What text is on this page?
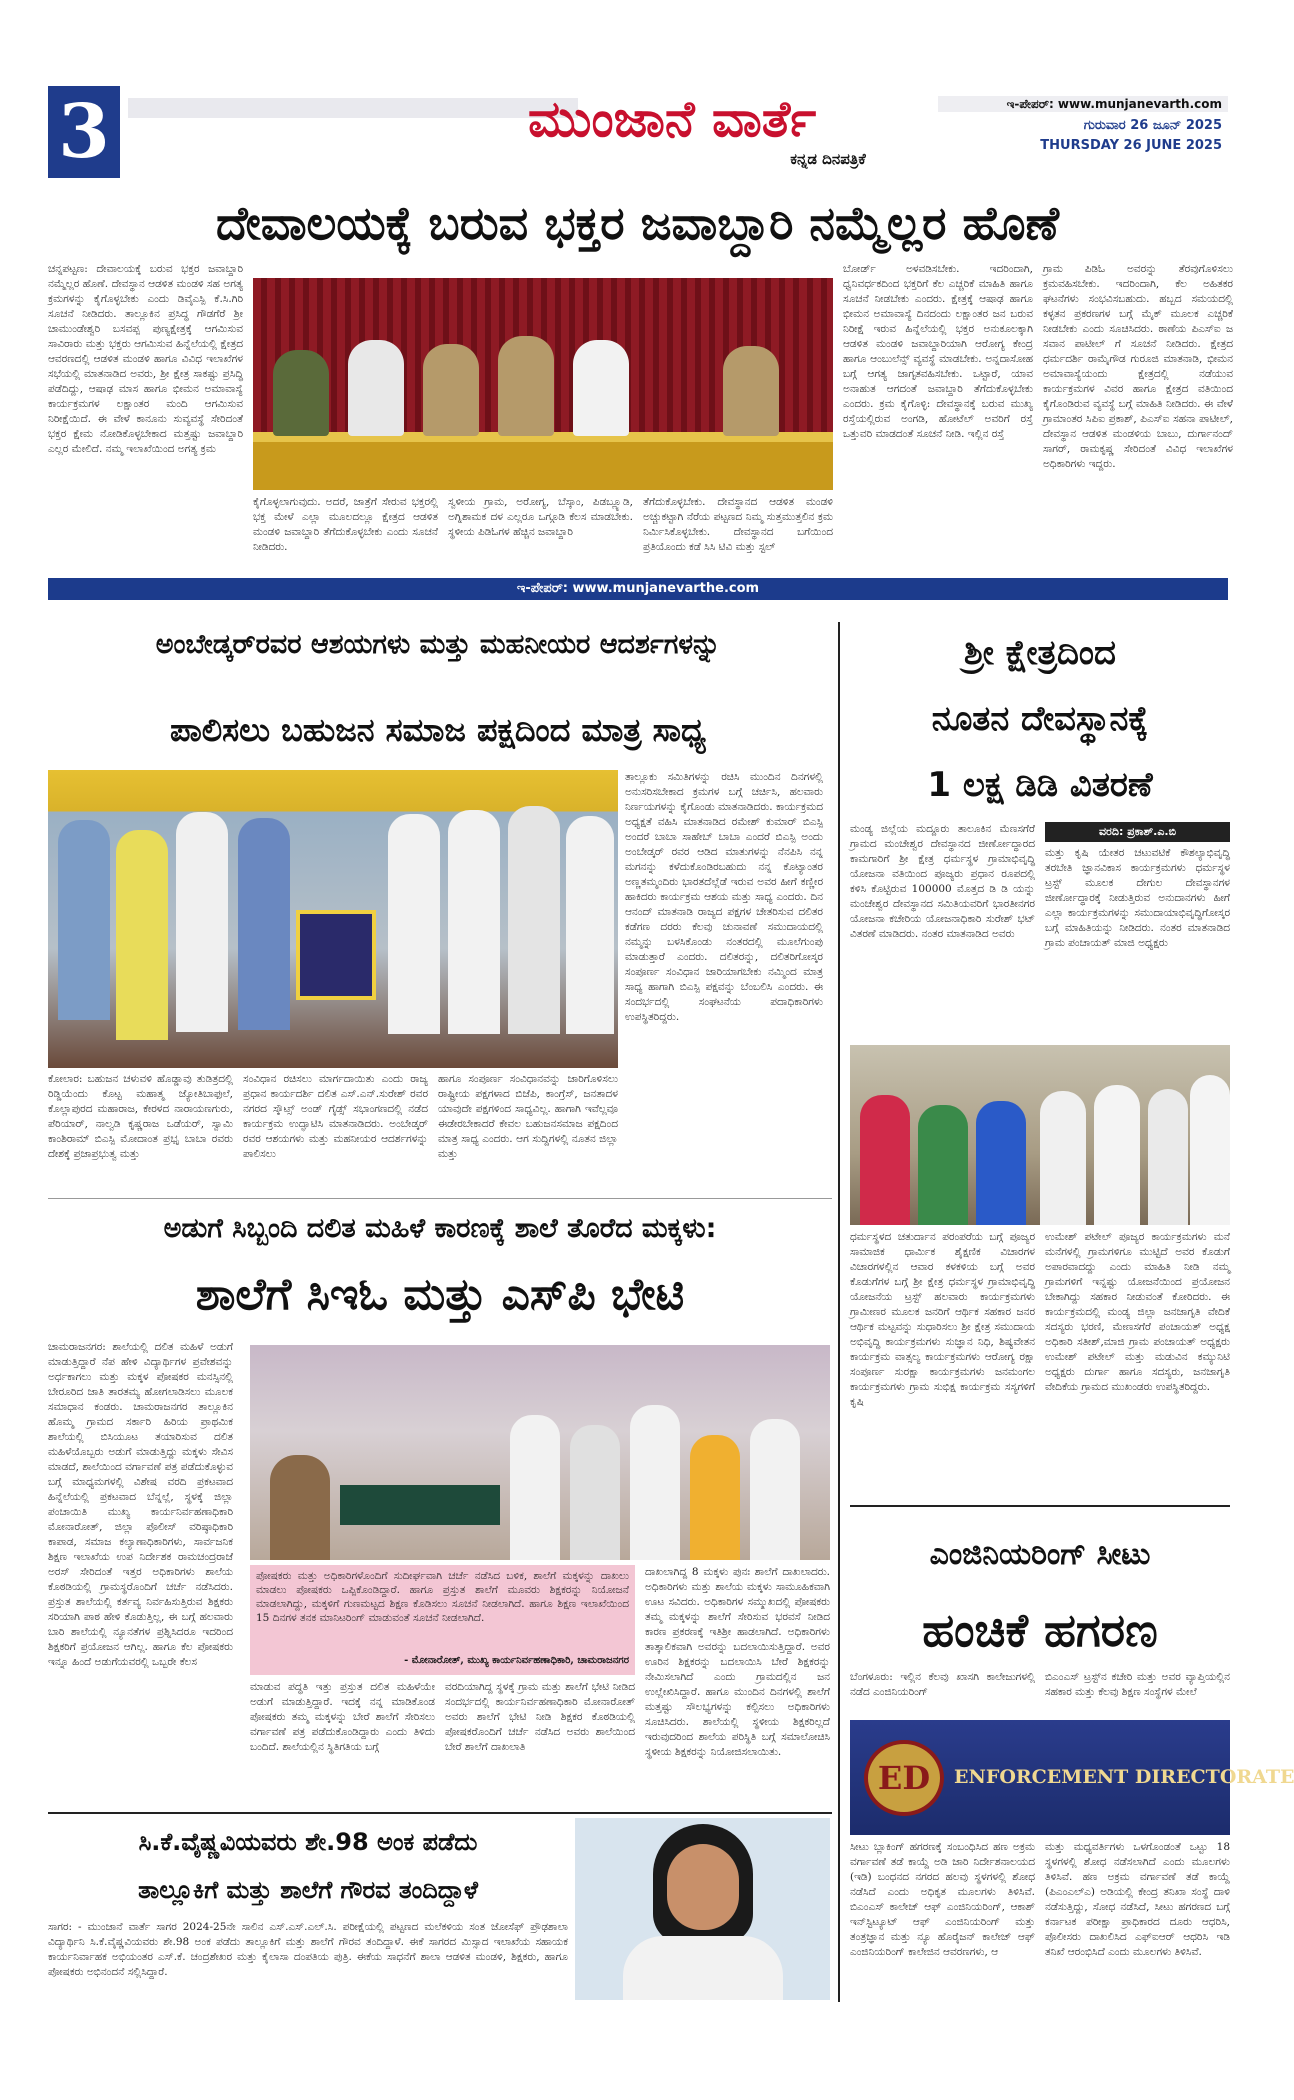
3	ಮುಂಜಾನೆ ವಾರ್ತೆ
ಕನ್ನಡ ದಿನಪತ್ರಿಕೆ
ಇ-ಪೇಪರ್: www.munjanevarth.com
ಗುರುವಾರ 26 ಜೂನ್ 2025
THURSDAY 26 JUNE 2025
ದೇವಾಲಯಕ್ಕೆ ಬರುವ ಭಕ್ತರ ಜವಾಬ್ದಾರಿ ನಮ್ಮೆಲ್ಲರ ಹೊಣೆ
ಚನ್ನಪಟ್ಟಣ: ದೇವಾಲಯಕ್ಕೆ ಬರುವ ಭಕ್ತರ ಜವಾಬ್ದಾರಿ ನಮ್ಮೆಲ್ಲರ ಹೊಣೆ. ದೇವಸ್ಥಾನ ಆಡಳಿತ ಮಂಡಳಿ ಸಹ ಅಗತ್ಯ ಕ್ರಮಗಳನ್ನು ಕೈಗೊಳ್ಳಬೇಕು ಎಂದು ಡಿವೈಎಸ್ಪಿ ಕೆ.ಸಿ.ಗಿರಿ ಸೂಚನೆ ನೀಡಿದರು. ತಾಲ್ಲೂಕಿನ ಪ್ರಸಿದ್ಧ ಗೌಡಗೆರೆ ಶ್ರೀ ಚಾಮುಂಡೇಶ್ವರಿ ಬಸವಪ್ಪ ಪುಣ್ಯಕ್ಷೇತ್ರಕ್ಕೆ ಆಗಮಿಸುವ ಸಾವಿರಾರು ಮತ್ತು ಭಕ್ತರು ಆಗಮಿಸುವ ಹಿನ್ನೆಲೆಯಲ್ಲಿ ಕ್ಷೇತ್ರದ ಆವರಣದಲ್ಲಿ ಆಡಳಿತ ಮಂಡಳಿ ಹಾಗೂ ವಿವಿಧ ಇಲಾಖೆಗಳ ಸಭೆಯಲ್ಲಿ ಮಾತನಾಡಿದ ಅವರು, ಶ್ರೀ ಕ್ಷೇತ್ರ ಸಾಕಷ್ಟು ಪ್ರಸಿದ್ಧಿ ಪಡೆದಿದ್ದು, ಆಷಾಢ ಮಾಸ ಹಾಗೂ ಭೀಮನ ಅಮಾವಾಸ್ಯೆ ಕಾರ್ಯಕ್ರಮಗಳ ಲಕ್ಷಾಂತರ ಮಂದಿ ಆಗಮಿಸುವ ನಿರೀಕ್ಷೆಯಿದೆ. ಈ ವೇಳೆ ಕಾನೂನು ಸುವ್ಯವಸ್ಥೆ ಸೇರಿದಂತೆ ಭಕ್ತರ ಕ್ಷೇಮ ನೋಡಿಕೊಳ್ಳಬೇಕಾದ ಮತ್ತಷ್ಟು ಜವಾಬ್ದಾರಿ ಎಲ್ಲರ ಮೇಲಿದೆ. ನಮ್ಮ ಇಲಾಖೆಯಿಂದ ಅಗತ್ಯ ಕ್ರಮ
ಕೈಗೊಳ್ಳಲಾಗುವುದು. ಅದರೆ, ಜಾತ್ರೆಗೆ ಸೇರುವ ಭಕ್ತರಲ್ಲಿ ಭಕ್ತ ಮೇಳೆ ಎಲ್ಲಾ ಮೂಲದಲ್ಲೂ ಕ್ಷೇತ್ರದ ಆಡಳಿತ ಮಂಡಳಿ ಜವಾಬ್ದಾರಿ ತೆಗೆದುಕೊಳ್ಳಬೇಕು ಎಂದು ಸೂಚನೆ ನೀಡಿದರು.
ಸ್ವಳೀಯ ಗ್ರಾಮ, ಅರೋಗ್ಯ, ಬೆಸ್ಕಾಂ, ಪಿಡಬ್ಲ್ಯೂಡಿ, ಅಗ್ನಿಶಾಮಕ ದಳ ಎಲ್ಲರೂ ಒಗ್ಗೂಡಿ ಕೆಲಸ ಮಾಡಬೇಕು. ಸ್ಥಳೀಯ ಪಿಡಿಓಗಳ ಹೆಚ್ಚಿನ ಜವಾಬ್ದಾರಿ
ತೆಗೆದುಕೊಳ್ಳಬೇಕು. ದೇವಸ್ಥಾನದ ಆಡಳಿತ ಮಂಡಳಿ ಅಚ್ಚುಕಟ್ಟಾಗಿ ನೆರೆಯ ಪಟ್ಟಣದ ನಿಮ್ಮ ಸುತ್ತಮುತ್ತಲಿನ ಕ್ರಮ ನಿರ್ಮಿಸಿಕೊಳ್ಳಬೇಕು. ದೇವಸ್ಥಾನದ ಬಗೆಯಿಂದ ಪ್ರತಿಯೊಂದು ಕಡೆ ಸಿಸಿ ಟಿವಿ ಮತ್ತು ಸ್ಟಲ್
ಬೋರ್ಡ್ ಅಳವಡಿಸಬೇಕು. ಇದರಿಂದಾಗಿ, ಧ್ವನಿವರ್ಧಕದಿಂದ ಭಕ್ತರಿಗೆ ಕೆಲ ಎಚ್ಚರಿಕೆ ಮಾಹಿತಿ ಹಾಗೂ ಸೂಚನೆ ನೀಡಬೇಕು ಎಂದರು. ಕ್ಷೇತ್ರಕ್ಕೆ ಆಷಾಢ ಹಾಗೂ ಭೀಮನ ಅಮಾವಾಸ್ಯೆ ದಿನದಂದು ಲಕ್ಷಾಂತರ ಜನ ಬರುವ ನಿರೀಕ್ಷೆ ಇರುವ ಹಿನ್ನೆಲೆಯಲ್ಲಿ ಭಕ್ತರ ಅನುಕೂಲಕ್ಕಾಗಿ ಆಡಳಿತ ಮಂಡಳಿ ಜವಾಬ್ದಾರಿಯಾಗಿ ಆರೋಗ್ಯ ಕೇಂದ್ರ ಹಾಗೂ ಆಂಬುಲೆನ್ಸ್ ವ್ಯವಸ್ಥೆ ಮಾಡಬೇಕು. ಅನ್ನದಾಸೋಹ ಬಗ್ಗೆ ಆಗತ್ಯ ಜಾಗೃತವಹಿಸಬೇಕು. ಒಟ್ಟಾರೆ, ಯಾವ ಅನಾಹುತ ಆಗದಂತೆ ಜವಾಬ್ದಾರಿ ತೆಗೆದುಕೊಳ್ಳಬೇಕು ಎಂದರು. ಕ್ರಮ ಕೈಗೊಳ್ಳಿ: ದೇವಸ್ಥಾನಕ್ಕೆ ಬರುವ ಮುಖ್ಯ ರಸ್ತೆಯಲ್ಲಿರುವ ಅಂಗಡಿ, ಹೋಟೆಲ್ ಅವರಿಗೆ ರಸ್ತೆ ಒತ್ತುವರಿ ಮಾಡದಂತೆ ಸೂಚನೆ ನೀಡಿ. ಇಲ್ಲಿನ ರಸ್ತೆ
ಗ್ರಾಮ ಪಿಡಿಓ ಅವರನ್ನು ತೆರವುಗೊಳಿಸಲು ಕ್ರಮವಹಿಸಬೇಕು. ಇದರಿಂದಾಗಿ, ಕೆಲ ಅಹಿತಕರ ಘಟನೆಗಳು ಸಂಭವಿಸಬಹುದು. ಹಬ್ಬದ ಸಮಯದಲ್ಲಿ ಕಳ್ಳತನ ಪ್ರಕರಣಗಳ ಬಗ್ಗೆ ಮೈಕ್ ಮೂಲಕ ಎಚ್ಚರಿಕೆ ನೀಡಬೇಕು ಎಂದು ಸೂಚಿಸಿದರು. ಠಾಣೆಯ ಪಿಎಸ್ಐ ಜ ಸವಾನ ಪಾಟೀಲ್ ಗೆ ಸೂಚನೆ ನೀಡಿದರು. ಕ್ಷೇತ್ರದ ಧರ್ಮದರ್ಶಿ ರಾಮೈಗೌಡ ಗುರೂಜಿ ಮಾತನಾಡಿ, ಭೀಮನ ಅಮಾವಾಸ್ಯೆಯಂದು ಕ್ಷೇತ್ರದಲ್ಲಿ ನಡೆಯುವ ಕಾರ್ಯಕ್ರಮಗಳ ವಿವರ ಹಾಗೂ ಕ್ಷೇತ್ರದ ವತಿಯಿಂದ ಕೈಗೊಂಡಿರುವ ವ್ಯವಸ್ಥೆ ಬಗ್ಗೆ ಮಾಹಿತಿ ನೀಡಿದರು. ಈ ವೇಳೆ ಗ್ರಾಮಾಂತರ ಸಿಪಿಐ ಪ್ರಕಾಶ್, ಪಿಎಸ್ಐ ಸಹನಾ ಪಾಟೀಲ್, ದೇವಸ್ಥಾನ ಆಡಳಿತ ಮಂಡಳಿಯ ಬಾಬು, ದುರ್ಗಾನಂದ್ ಸಾಗರ್, ರಾಮಕೃಷ್ಣ ಸೇರಿದಂತೆ ವಿವಿಧ ಇಲಾಖೆಗಳ ಅಧಿಕಾರಿಗಳು ಇದ್ದರು.
ಇ-ಪೇಪರ್: www.munjanevarthe.com
ಅಂಬೇಡ್ಕರ್‌ರವರ ಆಶಯಗಳು ಮತ್ತು ಮಹನೀಯರ ಆದರ್ಶಗಳನ್ನು
ಪಾಲಿಸಲು ಬಹುಜನ ಸಮಾಜ ಪಕ್ಷದಿಂದ ಮಾತ್ರ ಸಾಧ್ಯ
ತಾಲ್ಲೂಕು ಸಮಿತಿಗಳನ್ನು ರಚಿಸಿ ಮುಂದಿನ ದಿನಗಳಲ್ಲಿ ಅನುಸರಿಸಬೇಕಾದ ಕ್ರಮಗಳ ಬಗ್ಗೆ ಚರ್ಚಿಸಿ, ಹಲವಾರು ನಿರ್ಣಯಗಳನ್ನು ಕೈಗೊಂಡು ಮಾತನಾಡಿದರು. ಕಾರ್ಯಕ್ರಮದ ಅಧ್ಯಕ್ಷತೆ ವಹಿಸಿ ಮಾತನಾಡಿದ ರಮೇಶ್ ಕುಮಾರ್ ಬಿಎಸ್ಪಿ ಅಂದರೆ ಬಾಬಾ ಸಾಹೇಬ್ ಬಾಬಾ ಎಂದರೆ ಬಿಎಸ್ಪಿ ಅಂದು ಅಂಬೇಡ್ಕರ್ ರವರ ಆಡಿದ ಮಾತುಗಳನ್ನು ನೆನಪಿಸಿ ನನ್ನ ಮಗನನ್ನು ಕಳೆದುಕೊಂಡಿರಬಹುದು ನನ್ನ ಕೊಟ್ಯಾಂತರ ಅಣ್ಣತಮ್ಮಂದಿರು ಭಾರತದೆಲ್ಲೆಡೆ ಇರುವ ಅವರ ಹೀಗೆ ಕಣ್ಣೀರ ಹಾಕಿದರು ಕಾರ್ಯಕ್ರಮ ಆಶಯ ಮತ್ತು ಸಾಧ್ಯ ಎಂದರು. ದಿನ ಆನಂದ್ ಮಾತನಾಡಿ ರಾಜ್ಯದ ಪಕ್ಷಗಳ ಚೇತರಿಸುವ ದಲಿತರ ಕಡೆಗಣ ದರರು ಕೆಲವು ಚುನಾವಣೆ ಸಮುದಾಯದಲ್ಲಿ ನಮ್ಮನ್ನು ಬಳಸಿಕೊಂಡು ನಂತರದಲ್ಲಿ ಮೂಲೆಗುಂಪು ಮಾಡುತ್ತಾರೆ ಎಂದರು. ದಲಿತರನ್ನು, ದಲಿತರಿಗೋಸ್ಕರ ಸಂಪೂರ್ಣ ಸಂವಿಧಾನ ಜಾರಿಯಾಗಬೇಕು ನಮ್ಮಿಂದ ಮಾತ್ರ ಸಾಧ್ಯ ಹಾಗಾಗಿ ಬಿಎಸ್ಪಿ ಪಕ್ಷವನ್ನು ಬೆಂಬಲಿಸಿ ಎಂದರು. ಈ ಸಂದರ್ಭದಲ್ಲಿ ಸಂಘಟನೆಯ ಪದಾಧಿಕಾರಿಗಳು ಉಪಸ್ಥಿತರಿದ್ದರು.
ಕೋಲಾರ: ಬಹುಜನ ಚಳುವಳಿ ಹೊಡ್ಡಾವು ತುಡಿತ್ರದಲ್ಲಿ ರಿಡ್ಡಿಯೆಂದು ಕೊಟ್ಟ ಮಹಾತ್ಮ ಜ್ಯೋತಿಬಾಫುಲೆ, ಕೊಲ್ಲಾಪುರದ ಮಹಾರಾಜ, ಕೇರಳದ ನಾರಾಯಣಗುರು, ಪೆರಿಯಾರ್, ನಾಲ್ವಡಿ ಕೃಷ್ಣರಾಜ ಒಡೆಯರ್, ಸ್ವಾಮಿ ಕಾಂಶಿರಾಮ್ ಬಿಎಸ್ಪಿ ಮೋದಾಂತ ಪ್ರಭೃ ಬಾಬಾ ರವರು ದೇಶಕ್ಕೆ ಪ್ರಜಾಪ್ರಭುತ್ವ ಮತ್ತು
ಸಂವಿಧಾನ ರಚಿಸಲು ಮಾರ್ಗದಾಯಿತು ಎಂದು ರಾಜ್ಯ ಪ್ರಧಾನ ಕಾರ್ಯದರ್ಶಿ ದಲಿತ ಎಸ್.ಎನ್.ಸುರೇಶ್ ರವರ ನಗರದ ಸ್ಕೌಟ್ಸ್ ಅಂಡ್ ಗೈಡ್ಸ್ ಸಭಾಂಗಣದಲ್ಲಿ ನಡೆದ ಕಾರ್ಯಕ್ರಮ ಉದ್ಘಾಟಿಸಿ ಮಾತನಾಡಿದರು. ಅಂಬೇಡ್ಕರ್ ರವರ ಆಶಯಗಳು ಮತ್ತು ಮಹನೀಯರ ಆದರ್ಶಗಳನ್ನು ಪಾಲಿಸಲು
ಹಾಗೂ ಸಂಪೂರ್ಣ ಸಂವಿಧಾನವನ್ನು ಜಾರಿಗೊಳಿಸಲು ರಾಷ್ಟ್ರೀಯ ಪಕ್ಷಗಳಾದ ಬಿಜೆಪಿ, ಕಾಂಗ್ರೆಸ್, ಜನತಾದಳ ಯಾವುದೇ ಪಕ್ಷಗಳಿಂದ ಸಾಧ್ಯವಿಲ್ಲ. ಹಾಗಾಗಿ ಇವೆಲ್ಲವೂ ಈಡೇರಬೇಕಾದರೆ ಕೇವಲ ಬಹುಜನಸಮಾಜ ಪಕ್ಷದಿಂದ ಮಾತ್ರ ಸಾಧ್ಯ ಎಂದರು. ಆಗ ಸುದ್ದಿಗಳಲ್ಲಿ ನೂತನ ಜಿಲ್ಲಾ ಮತ್ತು
ಶ್ರೀ ಕ್ಷೇತ್ರದಿಂದ
ನೂತನ ದೇವಸ್ಥಾನಕ್ಕೆ
1 ಲಕ್ಷ ಡಿಡಿ ವಿತರಣೆ
ಮಂಡ್ಯ ಜಿಲ್ಲೆಯ ಮದ್ದೂರು ತಾಲೂಕಿನ ಮೆಣಸಗೆರೆ ಗ್ರಾಮದ ಮಂಚೇಶ್ವರ ದೇವಸ್ಥಾನದ ಜೀರ್ಣೋದ್ಧಾರದ ಕಾಮಗಾರಿಗೆ ಶ್ರೀ ಕ್ಷೇತ್ರ ಧರ್ಮಸ್ಥಳ ಗ್ರಾಮಾಭಿವೃದ್ಧಿ ಯೋಜನಾ ವತಿಯಿಂದ ಪೂಜ್ಯರು ಪ್ರಧಾನ ರೂಪದಲ್ಲಿ ಕಳಿಸಿ ಕೊಟ್ಟಿರುವ 100000 ಮೊತ್ತದ ಡಿ ಡಿ ಯನ್ನು ಮಂಚೇಶ್ವರ ದೇವಸ್ಥಾನದ ಸಮಿತಿಯವರಿಗೆ ಭಾರತೀನಗರ ಯೋಜನಾ ಕಚೇರಿಯ ಯೋಜನಾಧಿಕಾರಿ ಸುರೇಶ್ ಭಟ್ ವಿತರಣೆ ಮಾಡಿದರು. ನಂತರ ಮಾತನಾಡಿದ ಅವರು
ವರದಿ: ಪ್ರಕಾಶ್.ಎ.ಬಿ
ಮತ್ತು ಕೃಷಿ ಯೇತರ ಚಟುವಟಿಕೆ ಕೌಶಲ್ಯಾಭಿವೃದ್ಧಿ ತರಬೇತಿ ಜ್ಞಾನವಿಕಾಸ ಕಾರ್ಯಕ್ರಮಗಳು ಧರ್ಮಸ್ಥಳ ಟ್ರಸ್ಟ್ ಮೂಲಕ ದೇಗುಲ ದೇವಸ್ಥಾನಗಳ ಜೀರ್ಣೋದ್ಧಾರಕ್ಕೆ ನೀಡುತ್ತಿರುವ ಅನುದಾನಗಳು ಹೀಗೆ ಎಲ್ಲಾ ಕಾರ್ಯಕ್ರಮಗಳನ್ನು ಸಮುದಾಯಾಭಿವೃದ್ಧಿಗೋಸ್ಕರ ಬಗ್ಗೆ ಮಾಹಿತಿಯನ್ನು ನೀಡಿದರು. ನಂತರ ಮಾತನಾಡಿದ ಗ್ರಾಮ ಪಂಚಾಯತ್ ಮಾಜಿ ಅಧ್ಯಕ್ಷರು
ಧರ್ಮಸ್ಥಳದ ಚತುರ್ದಾನ ಪರಂಪರೆಯ ಬಗ್ಗೆ ಪೂಜ್ಯರ ಸಾಮಾಜಿಕ ಧಾರ್ಮಿಕ ಶೈಕ್ಷಣಿಕ ವಿಚಾರಗಳ ವಿಚಾರಗಳಲ್ಲಿನ ಆವಾರ ಕಳಕಳಿಯ ಬಗ್ಗೆ ಅವರ ಕೊಡುಗೆಗಳ ಬಗ್ಗೆ ಶ್ರೀ ಕ್ಷೇತ್ರ ಧರ್ಮಸ್ಥಳ ಗ್ರಾಮಾಭಿವೃದ್ಧಿ ಯೋಜನೆಯ ಟ್ರಸ್ಟ್ ಹಲವಾರು ಕಾರ್ಯಕ್ರಮಗಳು ಗ್ರಾಮೀಣರ ಮೂಲಕ ಜನರಿಗೆ ಆರ್ಥಿಕ ಸಹಕಾರ ಜನರ ಆರ್ಥಿಕ ಮಟ್ಟವನ್ನು ಸುಧಾರಿಸಲು ಶ್ರೀ ಕ್ಷೇತ್ರ ಸಮುದಾಯ ಅಭಿವೃದ್ಧಿ ಕಾರ್ಯಕ್ರಮಗಳು ಸುಜ್ಞಾನ ನಿಧಿ, ಶಿಷ್ಯವೇತನ ಕಾರ್ಯಕ್ರಮ ವಾತ್ಸಲ್ಯ ಕಾರ್ಯಕ್ರಮಗಳು ಆರೋಗ್ಯ ರಕ್ಷಾ ಸಂಪೂರ್ಣ ಸುರಕ್ಷಾ ಕಾರ್ಯಕ್ರಮಗಳು ಜನಮಂಗಲ ಕಾರ್ಯಕ್ರಮಗಳು ಗ್ರಾಮ ಸುಭಿಕ್ಷ ಕಾರ್ಯಕ್ರಮ ಸಸ್ಯಗಳಿಗೆ ಕೃಷಿ
ಉಮೇಶ್ ಪಟೇಲ್ ಪೂಜ್ಯರ ಕಾರ್ಯಕ್ರಮಗಳು ಮನೆ ಮನೆಗಳಲ್ಲಿ ಗ್ರಾಮಗಳಿಗೂ ಮುಟ್ಟಿದೆ ಅವರ ಕೊಡುಗೆ ಅಪಾರವಾದದ್ದು ಎಂದು ಮಾಹಿತಿ ನೀಡಿ ನಮ್ಮ ಗ್ರಾಮಗಳಿಗೆ ಇನ್ನಷ್ಟು ಯೋಜನೆಯಿಂದ ಪ್ರಯೋಜನ ಬೇಕಾಗಿದ್ದು ಸಹಕಾರ ನೀಡುವಂತೆ ಕೋರಿದರು. ಈ ಕಾರ್ಯಕ್ರಮದಲ್ಲಿ ಮಂಡ್ಯ ಜಿಲ್ಲಾ ಜನಜಾಗೃತಿ ವೇದಿಕೆ ಸದಸ್ಯರು ಭರಣಿ, ಮೇಣಸಗೆರೆ ಪಂಚಾಯತ್ ಅಧ್ಯಕ್ಷ ಅಧಿಕಾರಿ ಸತೀಶ್,ಮಾಜಿ ಗ್ರಾಮ ಪಂಚಾಯತ್ ಅಧ್ಯಕ್ಷರು ಉಮೇಶ್ ಪಟೇಲ್ ಮತ್ತು ಮಡುವಿನ ಕಮ್ಯುನಿಟಿ ಅಧ್ಯಕ್ಷರು ದುರ್ಗಾ ಹಾಗೂ ಸದಸ್ಯರು, ಜನಜಾಗೃತಿ ವೇದಿಕೆಯ ಗ್ರಾಮದ ಮುಖಂಡರು ಉಪಸ್ಥಿತರಿದ್ದರು.
ಅಡುಗೆ ಸಿಬ್ಬಂದಿ ದಲಿತ ಮಹಿಳೆ ಕಾರಣಕ್ಕೆ ಶಾಲೆ ತೊರೆದ ಮಕ್ಕಳು:
ಶಾಲೆಗೆ ಸಿಇಓ ಮತ್ತು ಎಸ್‌ಪಿ ಭೇಟಿ
ಚಾಮರಾಜನಗರ: ಶಾಲೆಯಲ್ಲಿ ದಲಿತ ಮಹಿಳೆ ಅಡುಗೆ ಮಾಡುತ್ತಿದ್ದಾರೆ ನೆಪ ಹೇಳಿ ವಿದ್ಯಾರ್ಥಿಗಳ ಪ್ರವೇಶವನ್ನು ಅರ್ಧಕಾಗಲು ಮತ್ತು ಮಕ್ಕಳ ಪೋಷಕರ ಮನಸ್ಸಿನಲ್ಲಿ ಬೇರೂರಿದ ಜಾತಿ ತಾರತಮ್ಯ ಹೋಗಲಾಡಿಸಲು ಮೂಲಕ ಸಮಾಧಾನ ಕಂಡರು. ಚಾಮರಾಜನಗರ ತಾಲ್ಲೂಕಿನ ಹೊಮ್ಮ ಗ್ರಾಮದ ಸರ್ಕಾರಿ ಹಿರಿಯ ಪ್ರಾಥಮಿಕ ಶಾಲೆಯಲ್ಲಿ ಬಿಸಿಯೂಟ ತಯಾರಿಸುವ ದಲಿತ ಮಹಿಳೆಯೊಬ್ಬರು ಅಡುಗೆ ಮಾಡುತ್ತಿದ್ದು ಮಕ್ಕಳು ಸೇವಿಸ ಮಾಡದೆ, ಶಾಲೆಯಿಂದ ವರ್ಗಾವಣೆ ಪತ್ರ ಪಡೆದುಕೊಳ್ಳುವ ಬಗ್ಗೆ ಮಾಧ್ಯಮಗಳಲ್ಲಿ ವಿಶೇಷ ವರದಿ ಪ್ರಕಟವಾದ ಹಿನ್ನೆಲೆಯಲ್ಲಿ ಪ್ರಕಟವಾದ ಬೆನ್ನಲ್ಲೆ, ಸ್ಥಳಕ್ಕೆ ಜಿಲ್ಲಾ ಪಂಚಾಯಿತಿ ಮುಖ್ಯ ಕಾರ್ಯನಿರ್ವಹಣಾಧಿಕಾರಿ ಮೋನಾರೋತ್, ಜಿಲ್ಲಾ ಪೊಲೀಸ್ ವರಿಷ್ಠಾಧಿಕಾರಿ ಕಾಪಾಡ, ಸಮಾಜ ಕಲ್ಯಾಣಾಧಿಕಾರಿಗಳು, ಸಾರ್ವಜನಿಕ ಶಿಕ್ಷಣ ಇಲಾಖೆಯ ಉಪ ನಿರ್ದೇಶಕ ರಾಮಚಂದ್ರರಾಜೆ ಅರಸ್ ಸೇರಿದಂತೆ ಇತ್ತರ ಅಧಿಕಾರಿಗಳು ಶಾಲೆಯ ಕೊಠಡಿಯಲ್ಲಿ ಗ್ರಾಮಸ್ಥರೊಂದಿಗೆ ಚರ್ಚೆ ನಡೆಸಿದರು. ಪ್ರಸ್ತುತ ಶಾಲೆಯಲ್ಲಿ ಕರ್ತವ್ಯ ನಿರ್ವಹಿಸುತ್ತಿರುವ ಶಿಕ್ಷಕರು ಸರಿಯಾಗಿ ಪಾಠ ಹೇಳಿ ಕೊಡುತ್ತಿಲ್ಲ, ಈ ಬಗ್ಗೆ ಹಲವಾರು ಬಾರಿ ಶಾಲೆಯಲ್ಲಿ ನ್ಯೂನತೆಗಳ ಪ್ರಶ್ನಿಸಿದರೂ ಇದರಿಂದ ಶಿಕ್ಷಕರಿಗೆ ಪ್ರಯೋಜನ ಆಗಿಲ್ಲ. ಹಾಗೂ ಕೆಲ ಪೋಷಕರು ಇನ್ನೂ ಹಿಂದೆ ಅಡುಗೆಯವರಲ್ಲಿ ಒಬ್ಬರೇ ಕೆಲಸ
ಪೋಷಕರು ಮತ್ತು ಅಧಿಕಾರಿಗಳೊಂದಿಗೆ ಸುದೀರ್ಘವಾಗಿ ಚರ್ಚೆ ನಡೆಸಿದ ಬಳಿಕ, ಶಾಲೆಗೆ ಮಕ್ಕಳನ್ನು ದಾಖಲು ಮಾಡಲು ಪೋಷಕರು ಒಪ್ಪಿಕೊಂಡಿದ್ದಾರೆ. ಹಾಗೂ ಪ್ರಸ್ತುತ ಶಾಲೆಗೆ ಮೂವರು ಶಿಕ್ಷಕರನ್ನು ನಿಯೋಜನೆ ಮಾಡಲಾಗಿದ್ದು, ಮಕ್ಕಳಿಗೆ ಗುಣಮಟ್ಟದ ಶಿಕ್ಷಣ ಕೊಡಿಸಲು ಸೂಚನೆ ನೀಡಲಾಗಿದೆ. ಹಾಗೂ ಶಿಕ್ಷಣ ಇಲಾಖೆಯಿಂದ 15 ದಿನಗಳ ತನಕ ಮಾನಿಟರಿಂಗ್ ಮಾಡುವಂತೆ ಸೂಚನೆ ನೀಡಲಾಗಿದೆ.
- ಮೋನಾರೋತ್, ಮುಖ್ಯ ಕಾರ್ಯನಿರ್ವಹಣಾಧಿಕಾರಿ, ಚಾಮರಾಜನಗರ
ದಾಖಲಾಗಿದ್ದ 8 ಮಕ್ಕಳು ಪುನಃ ಶಾಲೆಗೆ ದಾಖಲಾದರು. ಅಧಿಕಾರಿಗಳು ಮತ್ತು ಶಾಲೆಯ ಮಕ್ಕಳು ಸಾಮೂಹಿಕವಾಗಿ ಊಟ ಸವಿದರು. ಅಧಿಕಾರಿಗಳ ಸಮ್ಮುಖದಲ್ಲಿ ಪೋಷಕರು ತಮ್ಮ ಮಕ್ಕಳನ್ನು ಶಾಲೆಗೆ ಸೇರಿಸುವ ಭರವಸೆ ನೀಡಿದ ಕಾರಣ ಪ್ರಕರಣಕ್ಕೆ ಇತಿಶ್ರೀ ಹಾಡಲಾಗಿದೆ. ಅಧಿಕಾರಿಗಳು ತಾತ್ಕಾಲಿಕವಾಗಿ ಅವರನ್ನು ಬದಲಾಯಿಸುತ್ತಿದ್ದಾರೆ. ಅವರ ಊರಿನ ಶಿಕ್ಷಕರನ್ನು ಬದಲಾಯಿಸಿ ಬೇರೆ ಶಿಕ್ಷಕರನ್ನು ನೇಮಿಸಲಾಗಿದೆ ಎಂದು ಗ್ರಾಮದಲ್ಲಿನ ಜನ ಉಲ್ಲೇಖಿಸಿದ್ದಾರೆ. ಹಾಗೂ ಮುಂದಿನ ದಿನಗಳಲ್ಲಿ ಶಾಲೆಗೆ ಮತ್ತಷ್ಟು ಸೌಲಭ್ಯಗಳನ್ನು ಕಲ್ಪಿಸಲು ಅಧಿಕಾರಿಗಳು ಸೂಚಿಸಿದರು. ಶಾಲೆಯಲ್ಲಿ ಸ್ಥಳೀಯ ಶಿಕ್ಷಕರಿಲ್ಲದೆ ಇರುವುದರಿಂದ ಶಾಲೆಯ ಪರಿಸ್ಥಿತಿ ಬಗ್ಗೆ ಸಮಾಲೋಚಿಸಿ ಸ್ಥಳೀಯ ಶಿಕ್ಷಕರನ್ನು ನಿಯೋಜಿಸಲಾಯಿತು.
ಮಾಡುವ ಪದ್ಧತಿ ಇತ್ತು ಪ್ರಸ್ತುತ ದಲಿತ ಮಹಿಳೆಯೇ ಅಡುಗೆ ಮಾಡುತ್ತಿದ್ದಾರೆ. ಇದಕ್ಕೆ ನನ್ನ ಮಾಡಿಕೊಂಡ ಪೋಷಕರು ತಮ್ಮ ಮಕ್ಕಳನ್ನು ಬೇರೆ ಶಾಲೆಗೆ ಸೇರಿಸಲು ವರ್ಗಾವಣೆ ಪತ್ರ ಪಡೆದುಕೊಂಡಿದ್ದಾರು ಎಂದು ತಿಳಿದು ಬಂದಿದೆ. ಶಾಲೆಯಲ್ಲಿನ ಸ್ಥಿತಿಗತಿಯ ಬಗ್ಗೆ
ವರದಿಯಾಗಿದ್ದ ಸ್ಥಳಕ್ಕೆ ಗ್ರಾಮ ಮತ್ತು ಶಾಲೆಗೆ ಭೇಟಿ ನೀಡಿದ ಸಂದರ್ಭದಲ್ಲಿ ಕಾರ್ಯನಿರ್ವಹಣಾಧಿಕಾರಿ ಮೋನಾರೋತ್ ಅವರು ಶಾಲೆಗೆ ಭೇಟಿ ನೀಡಿ ಶಿಕ್ಷಕರ ಕೊಠಡಿಯಲ್ಲಿ ಪೋಷಕರೊಂದಿಗೆ ಚರ್ಚೆ ನಡೆಸಿದ ಅವರು ಶಾಲೆಯಿಂದ ಬೇರೆ ಶಾಲೆಗೆ ದಾಖಲಾತಿ
ಎಂಜಿನಿಯರಿಂಗ್ ಸೀಟು
ಹಂಚಿಕೆ ಹಗರಣ
ಬೆಂಗಳೂರು: ಇಲ್ಲಿನ ಕೆಲವು ಖಾಸಗಿ ಕಾಲೇಜುಗಳಲ್ಲಿ ನಡೆದ ಎಂಜಿನಿಯರಿಂಗ್
ಬಿಎಂಎಸ್ ಟ್ರಸ್ಟ್‌ನ ಕಚೇರಿ ಮತ್ತು ಅವರ ವ್ಯಾಪ್ತಿಯಲ್ಲಿನ ಸಹಕಾರ ಮತ್ತು ಕೆಲವು ಶಿಕ್ಷಣ ಸಂಸ್ಥೆಗಳ ಮೇಲೆ
ED	ENFORCEMENT DIRECTORATE
ಸೀಟು ಬ್ಲಾಕಿಂಗ್ ಹಗರಣಕ್ಕೆ ಸಂಬಂಧಿಸಿದ ಹಣ ಅಕ್ರಮ ವರ್ಗಾವಣೆ ತಡೆ ಕಾಯ್ದೆ ಅಡಿ ಜಾರಿ ನಿರ್ದೇಶನಾಲಯದ (ಇಡಿ) ಬಂಧನದ ನಗರದ ಹಲವು ಸ್ಥಳಗಳಲ್ಲಿ ಶೋಧ ನಡೆಸಿದೆ ಎಂದು ಅಧಿಕೃತ ಮೂಲಗಳು ತಿಳಿಸಿವೆ. ಬಿಎಂಎಸ್ ಕಾಲೇಜ್ ಆಫ್ ಎಂಜಿನಿಯರಿಂಗ್, ಆಕಾಶ್ ಇನ್‌ಸ್ಟಿಟ್ಯೂಟ್ ಆಫ್ ಎಂಜಿನಿಯರಿಂಗ್ ಮತ್ತು ತಂತ್ರಜ್ಞಾನ ಮತ್ತು ನ್ಯೂ ಹೊರೈಜನ್ ಕಾಲೇಜ್ ಆಫ್ ಎಂಜಿನಿಯರಿಂಗ್ ಕಾಲೇಜಿನ ಆವರಣಗಳು, ಆ
ಮತ್ತು ಮಧ್ಯವರ್ತಿಗಳು ಒಳಗೊಂಡಂತೆ ಒಟ್ಟು 18 ಸ್ಥಳಗಳಲ್ಲಿ ಶೋಧ ನಡೆಸಲಾಗಿದೆ ಎಂದು ಮೂಲಗಳು ತಿಳಿಸಿವೆ. ಹಣ ಅಕ್ರಮ ವರ್ಗಾವಣೆ ತಡೆ ಕಾಯ್ದೆ (ಪಿಎಂಎಲ್‌ಎ) ಅಡಿಯಲ್ಲಿ ಕೇಂದ್ರ ತನಿಖಾ ಸಂಸ್ಥೆ ದಾಳಿ ನಡೆಸುತ್ತಿದ್ದು, ಸೋಧ ನಡೆಸಿದೆ, ಸೀಟು ಹಗರಣದ ಬಗ್ಗೆ ಕರ್ನಾಟಕ ಪರೀಕ್ಷಾ ಪ್ರಾಧಿಕಾರದ ದೂರು ಆಧರಿಸಿ, ಪೊಲೀಸರು ದಾಖಲಿಸಿದ ಎಫ್‌ಐಆರ್ ಆಧರಿಸಿ ಇಡಿ ತನಿಖೆ ಆರಂಭಿಸಿದೆ ಎಂದು ಮೂಲಗಳು ತಿಳಿಸಿವೆ.
ಸಿ.ಕೆ.ವೈಷ್ಣವಿಯವರು ಶೇ.98 ಅಂಕ ಪಡೆದು
ತಾಲ್ಲೂಕಿಗೆ ಮತ್ತು ಶಾಲೆಗೆ ಗೌರವ ತಂದಿದ್ದಾಳೆ
ಸಾಗರ: - ಮುಂಜಾನೆ ವಾರ್ತೆ ಸಾಗರ 2024-25ನೇ ಸಾಲಿನ ಎಸ್.ಎಸ್.ಎಲ್.ಸಿ. ಪರೀಕ್ಷೆಯಲ್ಲಿ ಪಟ್ಟಣದ ಮಲೆಕಳಿಯ ಸಂತ ಜೋಸೆಫ್ ಪ್ರೌಢಶಾಲಾ ವಿದ್ಯಾರ್ಥಿನಿ ಸಿ.ಕೆ.ವೈಷ್ಣವಿಯವರು ಶೇ.98 ಅಂಕ ಪಡೆದು ತಾಲ್ಲೂಕಿಗೆ ಮತ್ತು ಶಾಲೆಗೆ ಗೌರವ ತಂದಿದ್ದಾಳೆ. ಈಕೆ ಸಾಗರದ ಮಿಸ್ಸಾದ ಇಲಾಖೆಯ ಸಹಾಯಕ ಕಾರ್ಯನಿರ್ವಾಹಕ ಅಭಿಯಂತರ ಎಸ್.ಕೆ. ಚಂದ್ರಶೇಖರ ಮತ್ತು ಕೈಲಾಸಾ ದಂಪತಿಯ ಪುತ್ರಿ. ಈಕೆಯ ಸಾಧನೆಗೆ ಶಾಲಾ ಆಡಳಿತ ಮಂಡಳಿ, ಶಿಕ್ಷಕರು, ಹಾಗೂ ಪೋಷಕರು ಅಭಿನಂದನೆ ಸಲ್ಲಿಸಿದ್ದಾರೆ.
